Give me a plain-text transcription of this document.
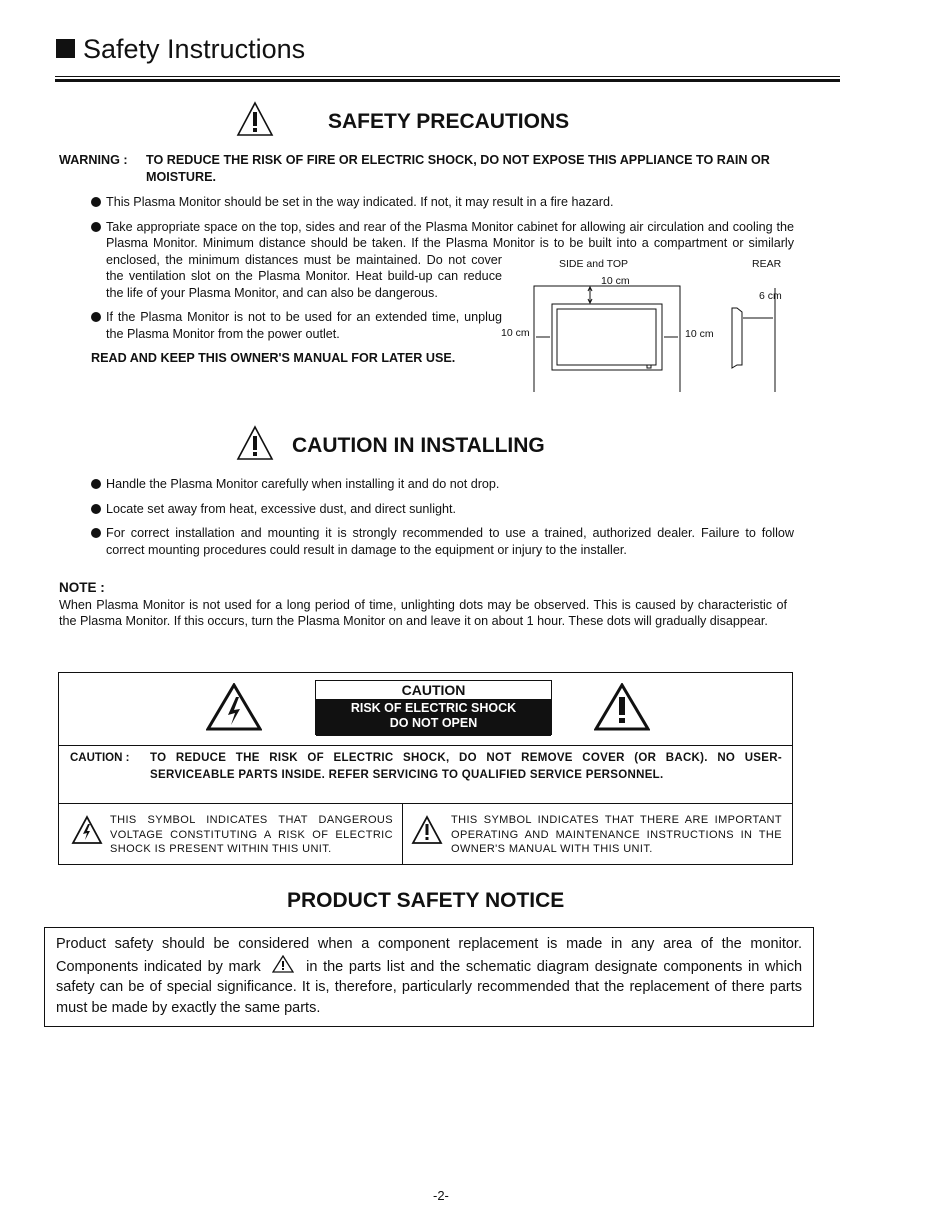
Safety Instructions
SAFETY PRECAUTIONS
WARNING : TO REDUCE THE RISK OF FIRE OR ELECTRIC SHOCK, DO NOT EXPOSE THIS APPLIANCE TO RAIN OR MOISTURE.
This Plasma Monitor should be set in the way indicated. If not, it may result in a fire hazard.
SIDE and TOP	REAR
10 cm
10 cm	10 cm
6 cm
Take appropriate space on the top, sides and rear of the Plasma Monitor cabinet for allowing air circulation and cooling the Plasma Monitor. Minimum distance should be taken. If the Plasma Monitor is to be built into a compartment or similarly enclosed, the minimum distances must be maintained. Do not cover the ventilation slot on the Plasma Monitor. Heat build-up can reduce the life of your Plasma Monitor, and can also be dangerous.
If the Plasma Monitor is not to be used for an extended time, unplug the Plasma Monitor from the power outlet.
READ AND KEEP THIS OWNER'S MANUAL FOR LATER USE.
CAUTION IN INSTALLING
Handle the Plasma Monitor carefully when installing it and do not drop.
Locate set away from heat, excessive dust, and direct sunlight.
For correct installation and mounting it is strongly recommended to use a trained, authorized dealer. Failure to follow correct mounting procedures could result in damage to the equipment or injury to the installer.
NOTE :
When Plasma Monitor is not used for a long period of time, unlighting dots may be observed. This is caused by characteristic of the Plasma Monitor. If this occurs, turn the Plasma Monitor on and leave it on about 1 hour. These dots will gradually disappear.
THIS SYMBOL INDICATES THAT DANGEROUS VOLTAGE CONSTITUTING A RISK OF ELECTRIC SHOCK IS PRESENT WITHIN THIS UNIT.
THIS SYMBOL INDICATES THAT THERE ARE IMPORTANT OPERATING AND MAINTENANCE INSTRUCTIONS IN THE OWNER'S MANUAL WITH THIS UNIT.
CAUTION
RISK OF ELECTRIC SHOCK
DO NOT OPEN
CAUTION : TO REDUCE THE RISK OF ELECTRIC SHOCK, DO NOT REMOVE COVER (OR BACK). NO USER-SERVICEABLE PARTS INSIDE. REFER SERVICING TO QUALIFIED SERVICE PERSONNEL.
PRODUCT SAFETY NOTICE
Product safety should be considered when a component replacement is made in any area of the monitor. Components indicated by mark	in the parts list and the schematic diagram designate components in which safety can be of special significance. It is, therefore, particularly recommended that the replacement of there parts must be made by exactly the same parts.
-2-
